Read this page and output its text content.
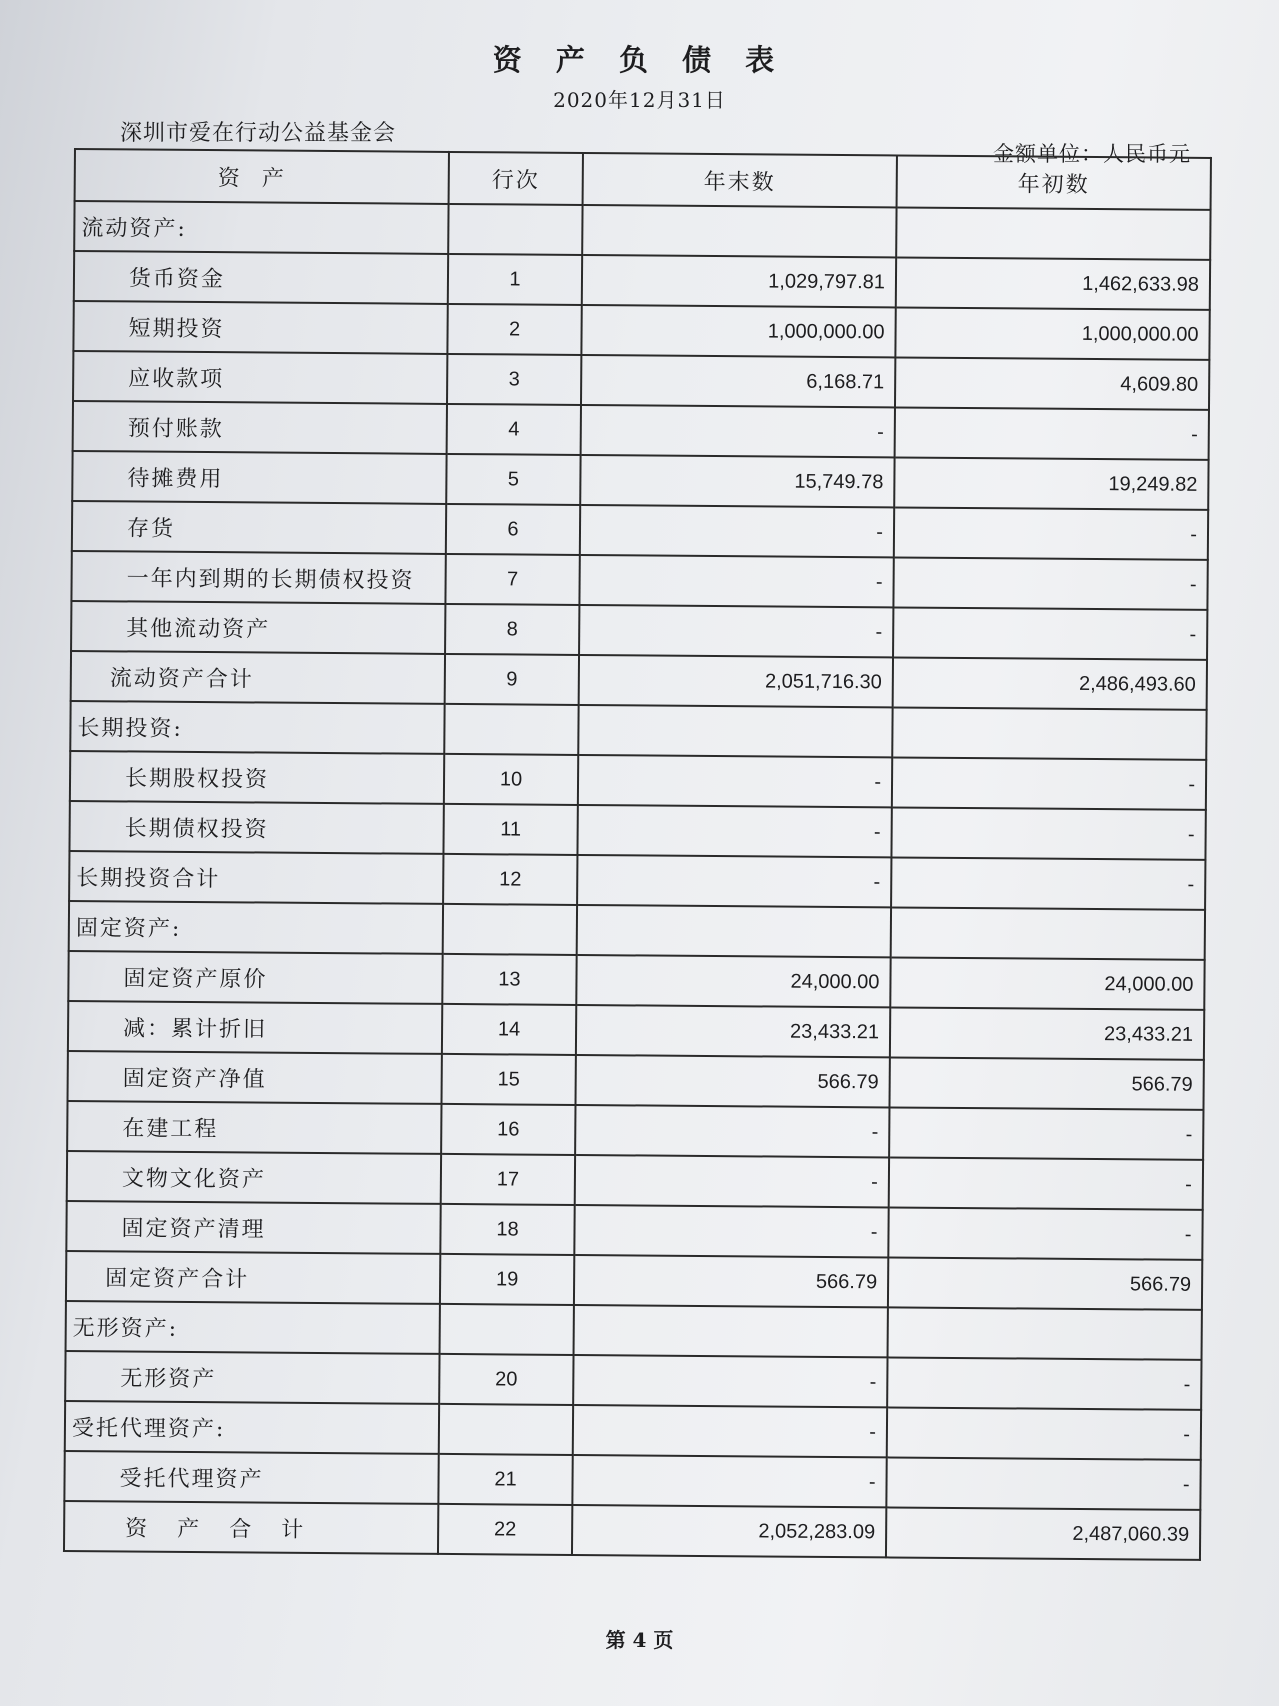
资 产 负 债 表
2020年12月31日
深圳市爱在行动公益基金会
金额单位：人民币元
资产	行次	年末数	年初数
流动资产:			
货币资金	1	1,029,797.81	1,462,633.98
短期投资	2	1,000,000.00	1,000,000.00
应收款项	3	6,168.71	4,609.80
预付账款	4	-	-
待摊费用	5	15,749.78	19,249.82
存货	6	-	-
一年内到期的长期债权投资	7	-	-
其他流动资产	8	-	-
流动资产合计	9	2,051,716.30	2,486,493.60
长期投资:			
长期股权投资	10	-	-
长期债权投资	11	-	-
长期投资合计	12	-	-
固定资产:			
固定资产原价	13	24,000.00	24,000.00
减：累计折旧	14	23,433.21	23,433.21
固定资产净值	15	566.79	566.79
在建工程	16	-	-
文物文化资产	17	-	-
固定资产清理	18	-	-
固定资产合计	19	566.79	566.79
无形资产:			
无形资产	20	-	-
受托代理资产:		-	-
受托代理资产	21	-	-
资产合计	22	2,052,283.09	2,487,060.39
第 4 页
